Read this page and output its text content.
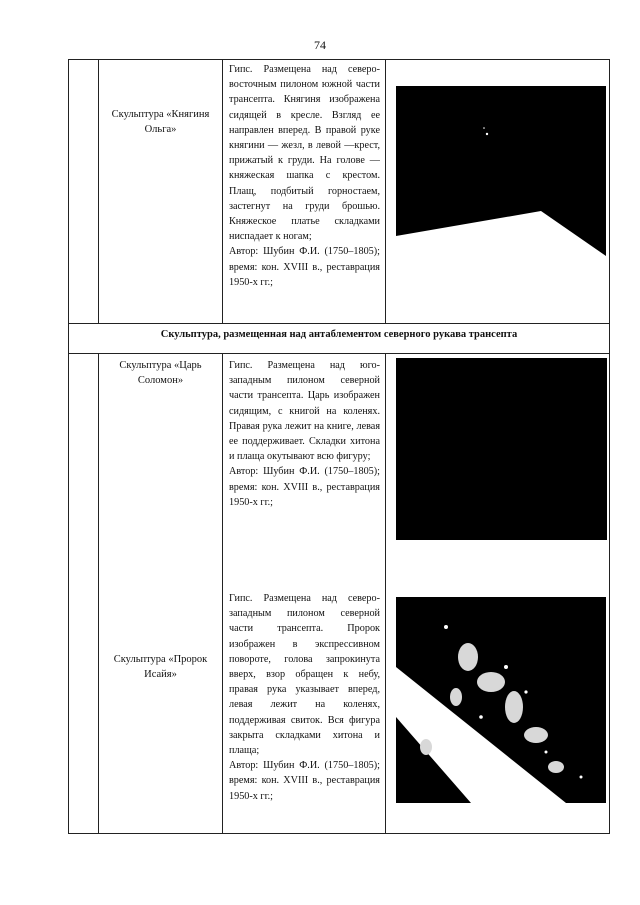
74
Скульптура «Княгиня Ольга»
Гипс. Размещена над северо-восточным пилоном южной части трансепта. Княгиня изображена сидящей в кресле. Взгляд ее направлен вперед. В правой руке княгини — жезл, в левой —крест, прижатый к груди. На голове — княжеская шапка с крестом. Плащ, подбитый горностаем, застегнут на груди брошью. Княжеское платье складками ниспадает к ногам;
Автор: Шубин Ф.И. (1750–1805); время: кон. XVIII в., реставрация 1950-х гг.;
Скульптура, размещенная над антаблементом северного рукава трансепта
Скульптура «Царь Соломон»
Гипс. Размещена над юго-западным пилоном северной части трансепта. Царь изображен сидящим, с книгой на коленях. Правая рука лежит на книге, левая ее поддерживает. Складки хитона и плаща окутывают всю фигуру;
Автор: Шубин Ф.И. (1750–1805); время: кон. XVIII в., реставрация 1950-х гг.;
Скульптура «Пророк Исайя»
Гипс. Размещена над северо-западным пилоном северной части трансепта. Пророк изображен в экспрессивном повороте, голова запрокинута вверх, взор обращен к небу, правая рука указывает вперед, левая лежит на коленях, поддерживая свиток. Вся фигура закрыта складками хитона и плаща;
Автор: Шубин Ф.И. (1750–1805); время: кон. XVIII в., реставрация 1950-х гг.;
